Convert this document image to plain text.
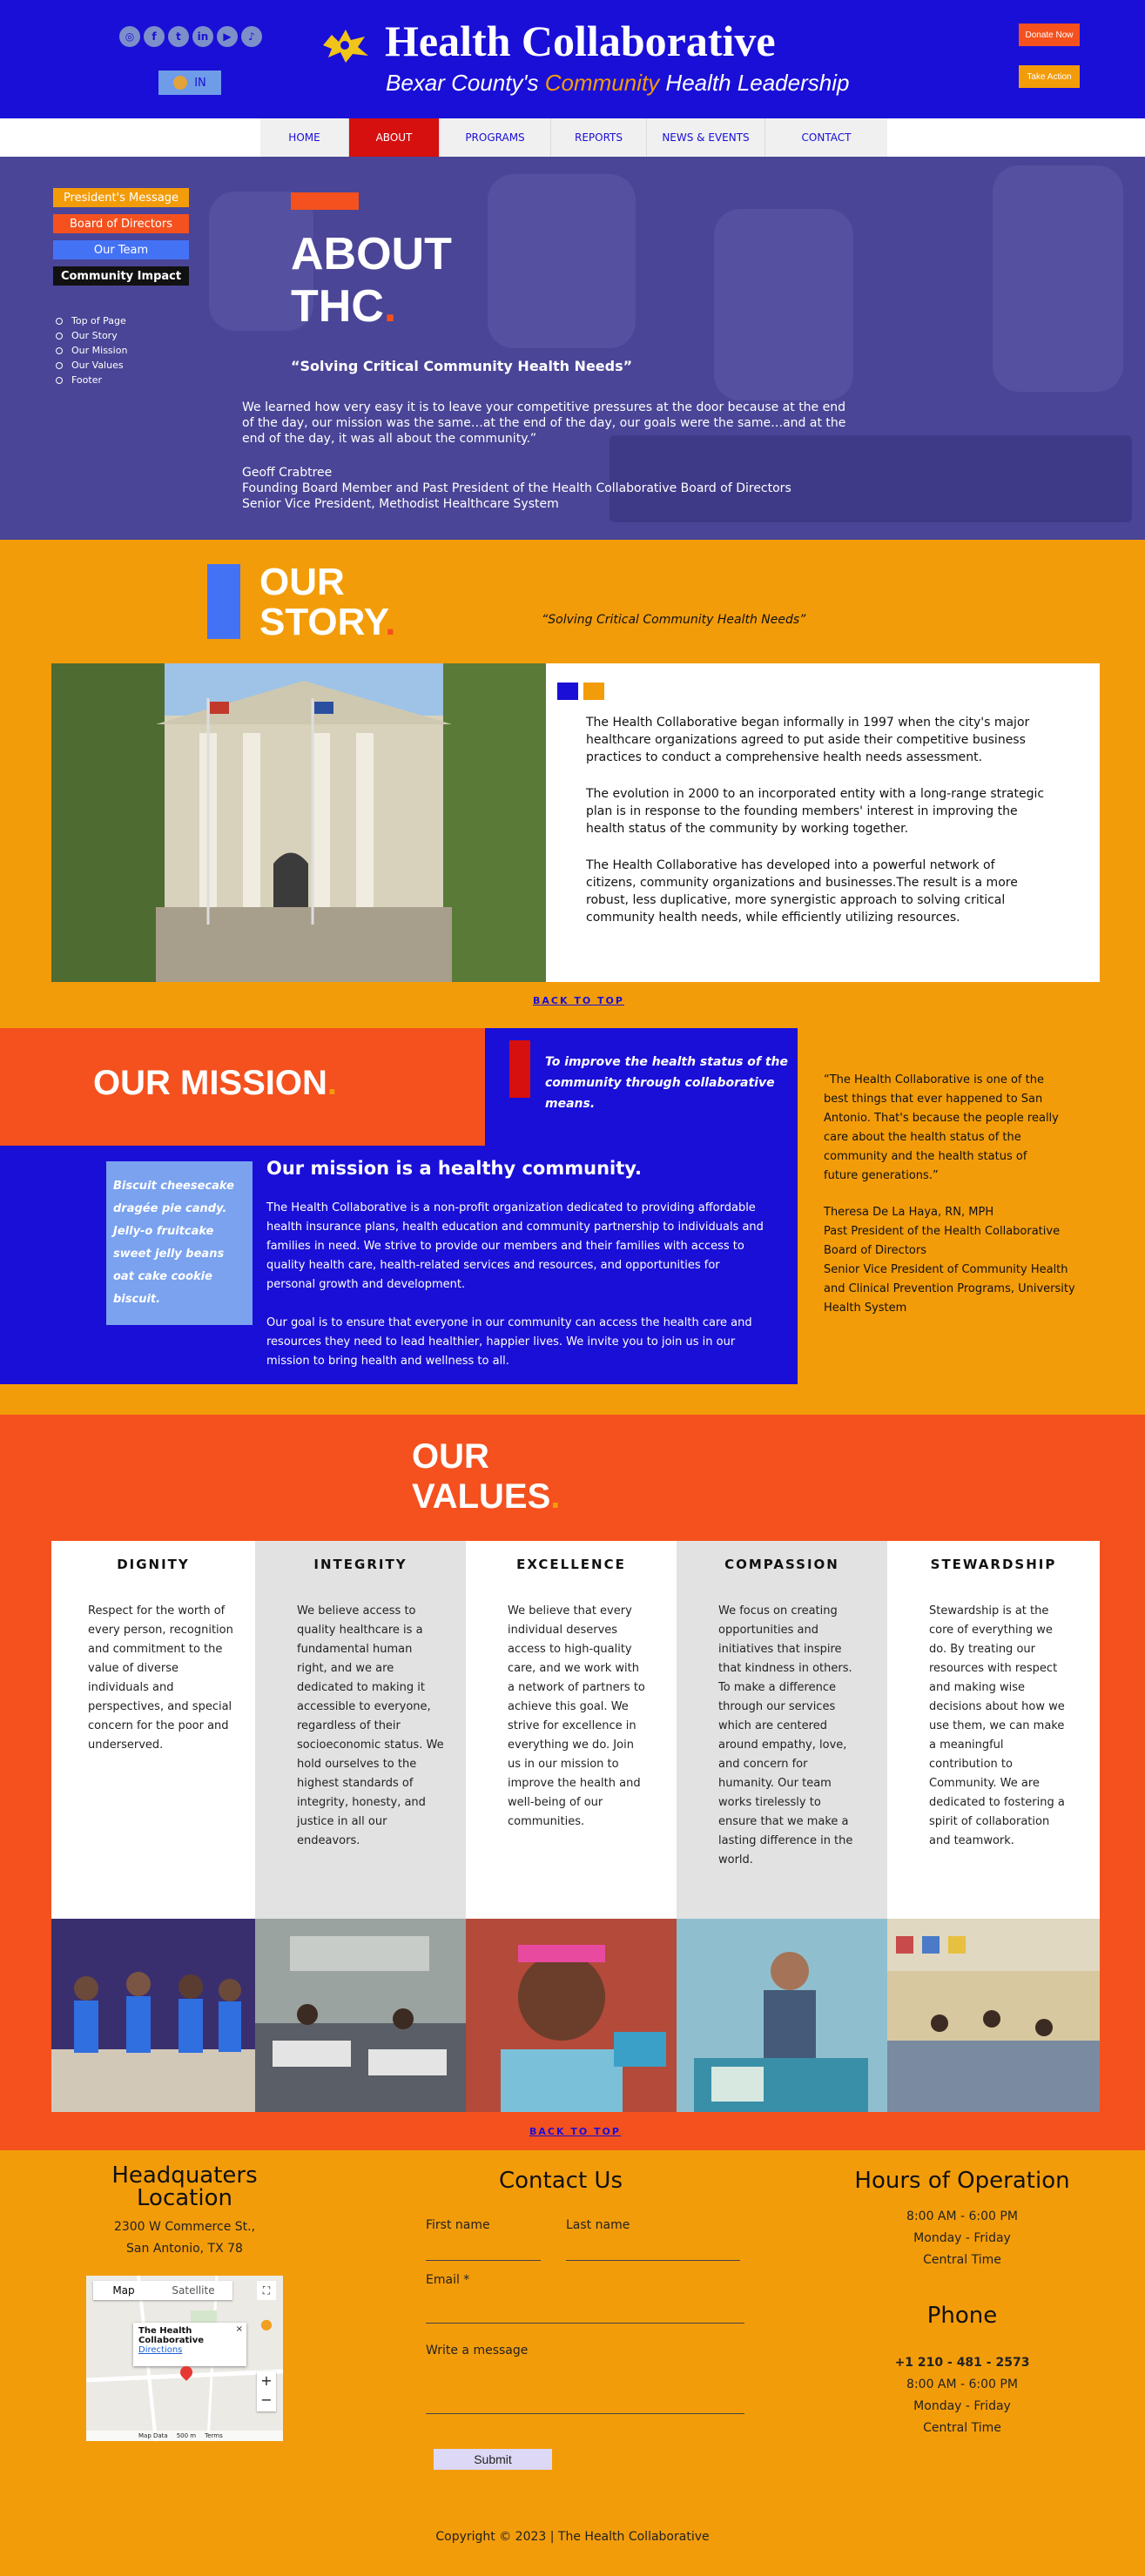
◎	f	t	in	▶	♪
IN
Health Collaborative
Bexar County's Community Health Leadership
Donate Now
Take Action
HOME	ABOUT	PROGRAMS	REPORTS	NEWS & EVENTS	CONTACT
President's Message
Board of Directors
Our Team
Community Impact
Top of Page
Our Story
Our Mission
Our Values
Footer
ABOUT
THC.
“Solving Critical Community Health Needs”
We learned how very easy it is to leave your competitive pressures at the door because at the end of the day, our mission was the same…at the end of the day, our goals were the same…and at the end of the day, it was all about the community.”
Geoff Crabtree
Founding Board Member and Past President of the Health Collaborative Board of Directors
Senior Vice President, Methodist Healthcare System
OUR
STORY.	“Solving Critical Community Health Needs”
The Health Collaborative began informally in 1997 when the city's major healthcare organizations agreed to put aside their competitive business practices to conduct a comprehensive health needs assessment.
The evolution in 2000 to an incorporated entity with a long-range strategic plan is in response to the founding members' interest in improving the health status of the community by working together.
The Health Collaborative has developed into a powerful network of citizens, community organizations and businesses.The result is a more robust, less duplicative, more synergistic approach to solving critical community health needs, while efficiently utilizing resources.
BACK TO TOP
OUR MISSION.
To improve the health status of the community through collaborative means.
“The Health Collaborative is one of the best things that ever happened to San Antonio. That's because the people really care about the health status of the community and the health status of future generations.”
Theresa De La Haya, RN, MPH
Past President of the Health Collaborative Board of Directors
Senior Vice President of Community Health and Clinical Prevention Programs, University Health System
Biscuit cheesecake dragée pie candy. Jelly-o fruitcake sweet jelly beans oat cake cookie biscuit.
Our mission is a healthy community.
The Health Collaborative is a non-profit organization dedicated to providing affordable health insurance plans, health education and community partnership to individuals and families in need. We strive to provide our members and their families with access to quality health care, health-related services and resources, and opportunities for personal growth and development.
Our goal is to ensure that everyone in our community can access the health care and resources they need to lead healthier, happier lives. We invite you to join us in our mission to bring health and wellness to all.
OUR
VALUES.
DIGNITY
Respect for the worth of every person, recognition and commitment to the value of diverse individuals and perspectives, and special concern for the poor and underserved.
INTEGRITY
We believe access to quality healthcare is a fundamental human right, and we are dedicated to making it accessible to everyone, regardless of their socioeconomic status. We hold ourselves to the highest standards of integrity, honesty, and justice in all our endeavors.
EXCELLENCE
We believe that every individual deserves access to high-quality care, and we work with a network of partners to achieve this goal. We strive for excellence in everything we do. Join us in our mission to improve the health and well-being of our communities.
COMPASSION
We focus on creating opportunities and initiatives that inspire that kindness in others. To make a difference through our services which are centered around empathy, love, and concern for humanity. Our team works tirelessly to ensure that we make a lasting difference in the world.
STEWARDSHIP
Stewardship is at the core of everything we do. By treating our resources with respect and making wise decisions about how we use them, we can make a meaningful contribution to Community. We are dedicated to fostering a spirit of collaboration and teamwork.
BACK TO TOP
Headquaters Location
2300 W Commerce St.,
San Antonio, TX 78
Map	Satellite	⛶
●
The Health Collaborative
Directions
×
+
−
Map Data 500 m Terms
Contact Us
First name	Last name
Email *
Write a message
Submit
Hours of Operation
8:00 AM - 6:00 PM
Monday - Friday
Central Time
Phone
+1 210 - 481 - 2573
8:00 AM - 6:00 PM
Monday - Friday
Central Time
Copyright © 2023 | The Health Collaborative
